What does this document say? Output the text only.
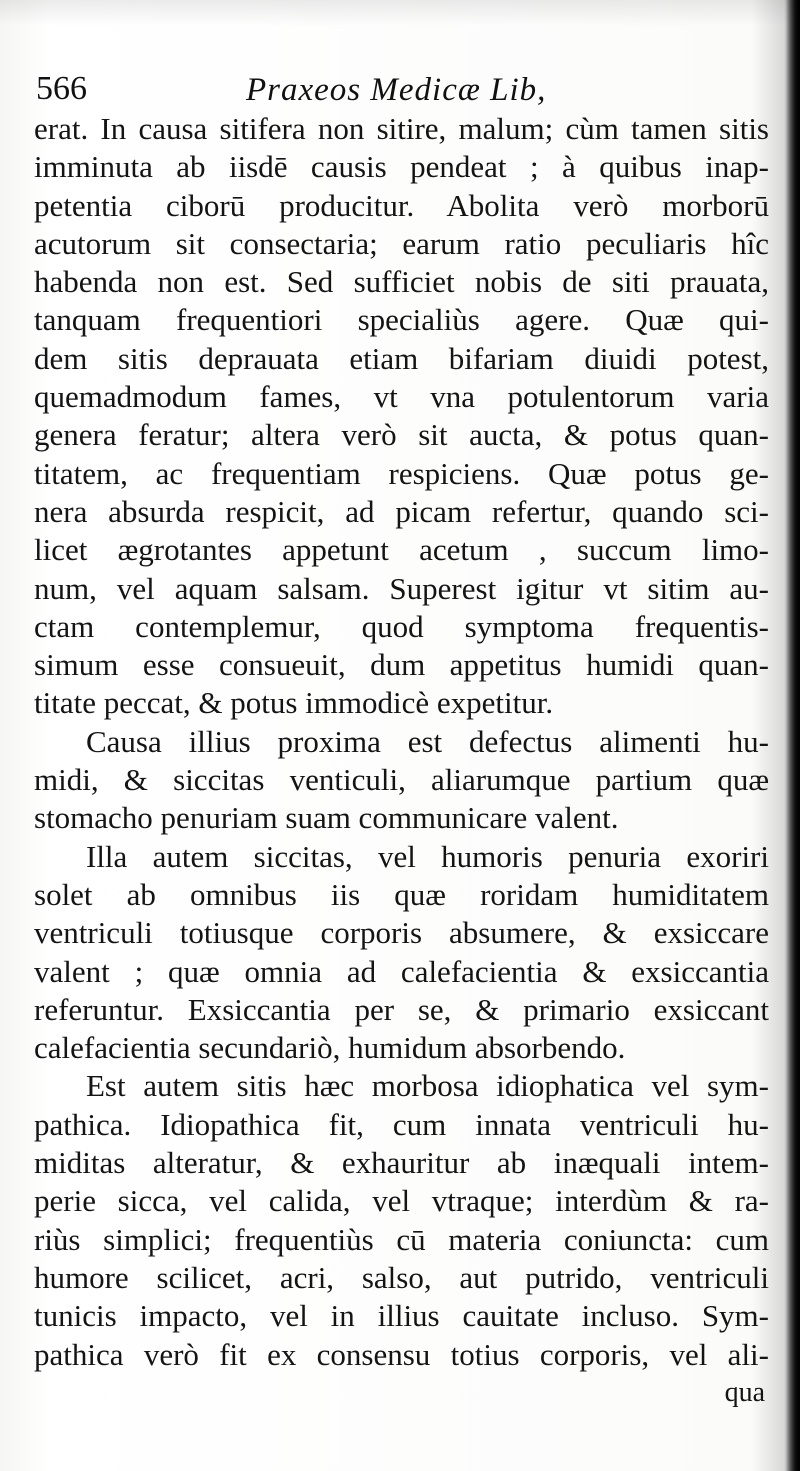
566	Praxeos Medicæ Lib,
erat. In causa sitifera non sitire, malum; cùm tamen sitis
imminuta ab iisdē causis pendeat ; à quibus inap-
petentia ciborū producitur. Abolita verò morborū
acutorum sit consectaria; earum ratio peculiaris hîc
habenda non est. Sed sufficiet nobis de siti prauata,
tanquam frequentiori specialiùs agere. Quæ qui-
dem sitis deprauata etiam bifariam diuidi potest,
quemadmodum fames, vt vna potulentorum varia
genera feratur; altera verò sit aucta, & potus quan-
titatem, ac frequentiam respiciens. Quæ potus ge-
nera absurda respicit, ad picam refertur, quando sci-
licet ægrotantes appetunt acetum , succum limo-
num, vel aquam salsam. Superest igitur vt sitim au-
ctam contemplemur, quod symptoma frequentis-
simum esse consueuit, dum appetitus humidi quan-
titate peccat, & potus immodicè expetitur.
Causa illius proxima est defectus alimenti hu-
midi, & siccitas venticuli, aliarumque partium quæ
stomacho penuriam suam communicare valent.
Illa autem siccitas, vel humoris penuria exoriri
solet ab omnibus iis quæ roridam humiditatem
ventriculi totiusque corporis absumere, & exsiccare
valent ; quæ omnia ad calefacientia & exsiccantia
referuntur. Exsiccantia per se, & primario exsiccant
calefacientia secundariò, humidum absorbendo.
Est autem sitis hæc morbosa idiophatica vel sym-
pathica. Idiopathica fit, cum innata ventriculi hu-
miditas alteratur, & exhauritur ab inæquali intem-
perie sicca, vel calida, vel vtraque; interdùm & ra-
riùs simplici; frequentiùs cū materia coniuncta: cum
humore scilicet, acri, salso, aut putrido, ventriculi
tunicis impacto, vel in illius cauitate incluso. Sym-
pathica verò fit ex consensu totius corporis, vel ali-
qua
